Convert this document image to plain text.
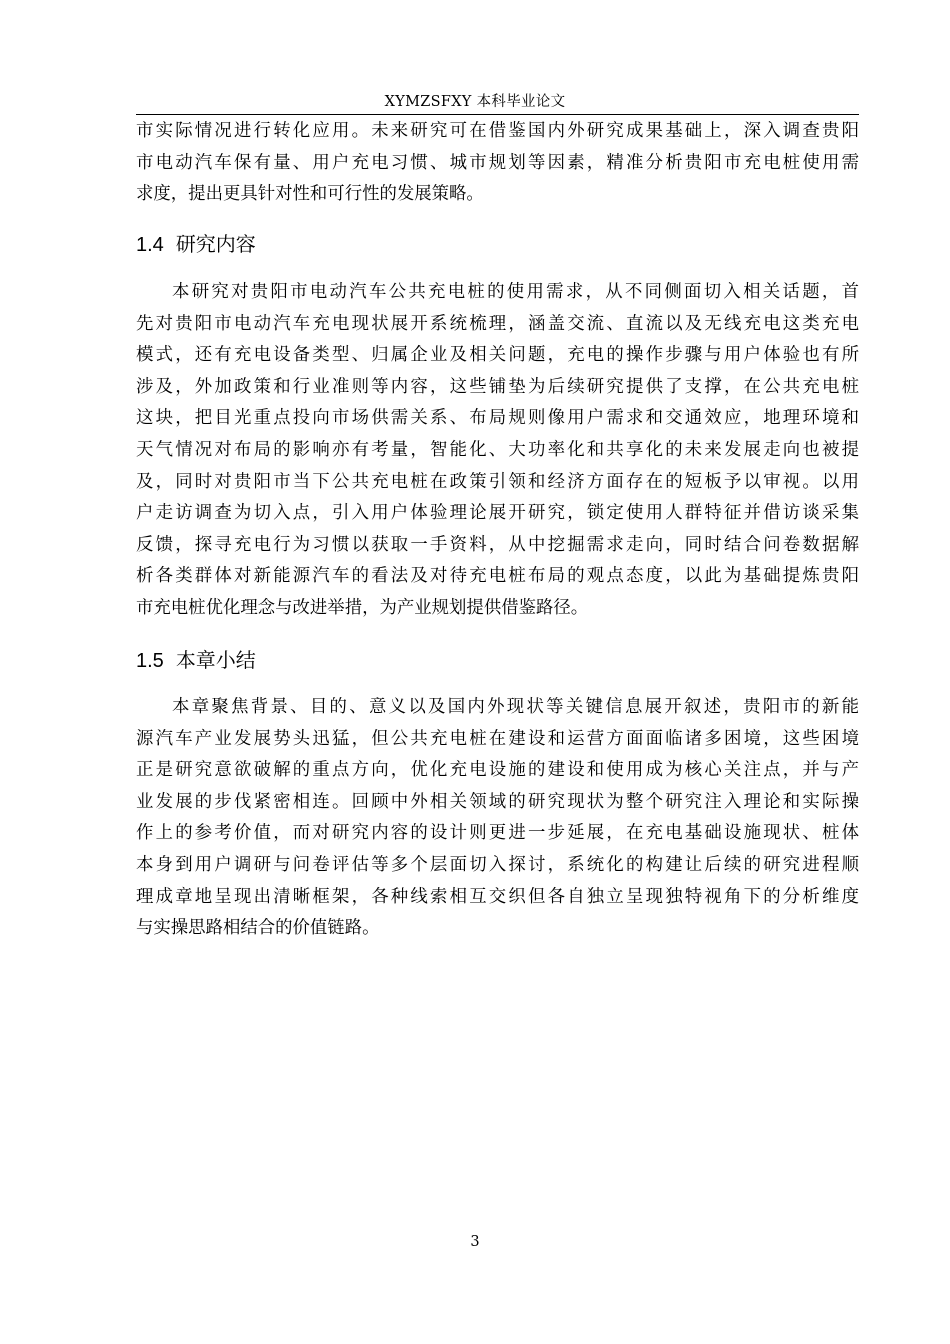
XYMZSFXY 本科毕业论文
市实际情况进行转化应用。未来研究可在借鉴国内外研究成果基础上，深入调查贵阳
市电动汽车保有量、用户充电习惯、城市规划等因素，精准分析贵阳市充电桩使用需
求度，提出更具针对性和可行性的发展策略。
1.4 研究内容
本研究对贵阳市电动汽车公共充电桩的使用需求，从不同侧面切入相关话题，首
先对贵阳市电动汽车充电现状展开系统梳理，涵盖交流、直流以及无线充电这类充电
模式，还有充电设备类型、归属企业及相关问题，充电的操作步骤与用户体验也有所
涉及，外加政策和行业准则等内容，这些铺垫为后续研究提供了支撑，在公共充电桩
这块，把目光重点投向市场供需关系、布局规则像用户需求和交通效应，地理环境和
天气情况对布局的影响亦有考量，智能化、大功率化和共享化的未来发展走向也被提
及，同时对贵阳市当下公共充电桩在政策引领和经济方面存在的短板予以审视。以用
户走访调查为切入点，引入用户体验理论展开研究，锁定使用人群特征并借访谈采集
反馈，探寻充电行为习惯以获取一手资料，从中挖掘需求走向，同时结合问卷数据解
析各类群体对新能源汽车的看法及对待充电桩布局的观点态度，以此为基础提炼贵阳
市充电桩优化理念与改进举措，为产业规划提供借鉴路径。
1.5 本章小结
本章聚焦背景、目的、意义以及国内外现状等关键信息展开叙述，贵阳市的新能
源汽车产业发展势头迅猛，但公共充电桩在建设和运营方面面临诸多困境，这些困境
正是研究意欲破解的重点方向，优化充电设施的建设和使用成为核心关注点，并与产
业发展的步伐紧密相连。回顾中外相关领域的研究现状为整个研究注入理论和实际操
作上的参考价值，而对研究内容的设计则更进一步延展，在充电基础设施现状、桩体
本身到用户调研与问卷评估等多个层面切入探讨，系统化的构建让后续的研究进程顺
理成章地呈现出清晰框架，各种线索相互交织但各自独立呈现独特视角下的分析维度
与实操思路相结合的价值链路。
3
